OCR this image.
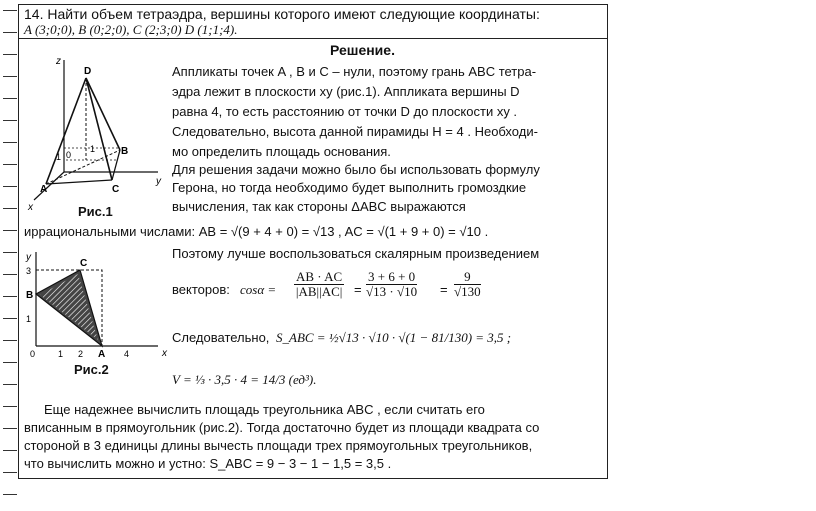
14. Найти объем тетраэдра, вершины которого имеют следующие координаты:
A (3;0;0), B (0;2;0), C (2;3;0) D (1;1;4).
Решение.
Аппликаты точек A , B и C – нули, поэтому грань ABC тетра-
эдра лежит в плоскости xy (рис.1). Аппликата вершины D
равна 4, то есть расстоянию от точки D до плоскости xy .
Следовательно, высота данной пирамиды H = 4 . Необходи-
мо определить площадь основания.
Для решения задачи можно было бы использовать формулу
Герона, но тогда необходимо будет выполнить громоздкие
вычисления, так как стороны ΔABC выражаются
иррациональными числами: AB = √(9 + 4 + 0) = √13 , AC = √(1 + 9 + 0) = √10 .
Поэтому лучше воспользоваться скалярным произведением
векторов: $\cos\alpha = \frac{AB \cdot AC}{|AB||AC|} = \frac{3 + 6 + 0}{√13 \cdot √10} = \frac{9}{√130}$
Следовательно, S_ABC = ½√13 · √10 · √(1 − 81/130) = 3,5 ;
V = ⅓ · 3,5 · 4 = 14/3 (ед³).
Еще надежнее вычислить площадь треугольника ABC , если считать его
вписанным в прямоугольник (рис.2). Тогда достаточно будет из площади квадрата со
стороной в 3 единицы длины вычесть площади трех прямоугольных треугольников,
что вычислить можно и устно: S_ABC = 9 − 3 − 1 − 1,5 = 3,5 .
z
D
B
A	C
x
y
0
1
1
Рис.1
y
x
C
B
A
3
1
0	1 2	4
Рис.2
